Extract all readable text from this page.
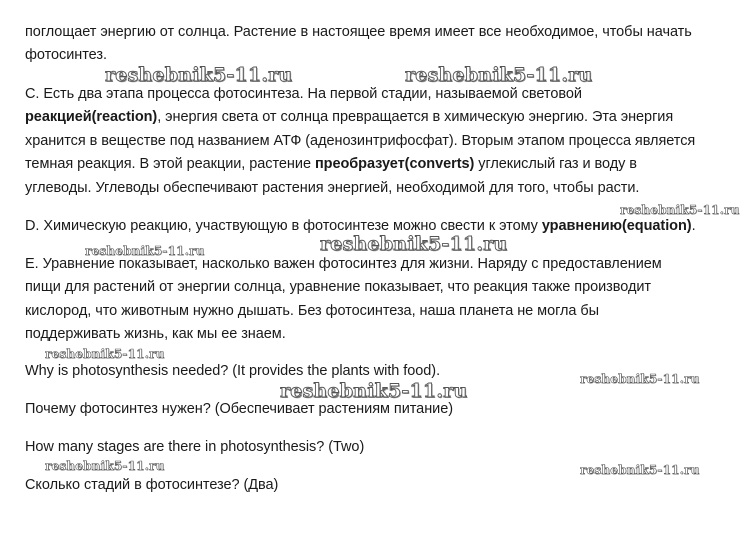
поглощает энергию от солнца. Растение в настоящее время имеет все необходимое, чтобы начать
фотосинтез.
C. Есть два этапа процесса фотосинтеза. На первой стадии, называемой световой
реакцией(reaction), энергия света от солнца превращается в химическую энергию. Эта энергия
хранится в веществе под названием АТФ (аденозинтрифосфат). Вторым этапом процесса является
темная реакция. В этой реакции, растение преобразует(converts) углекислый газ и воду в
углеводы. Углеводы обеспечивают растения энергией, необходимой для того, чтобы расти.
D. Химическую реакцию, участвующую в фотосинтезе можно свести к этому уравнению(equation).
E. Уравнение показывает, насколько важен фотосинтез для жизни. Наряду с предоставлением
пищи для растений от энергии солнца, уравнение показывает, что реакция также производит
кислород, что животным нужно дышать. Без фотосинтеза, наша планета не могла бы
поддерживать жизнь, как мы ее знаем.
Why is photosynthesis needed? (It provides the plants with food).
Почему фотосинтез нужен? (Обеспечивает растениям питание)
How many stages are there in photosynthesis? (Two)
Сколько стадий в фотосинтезе? (Два)
reshebnik5-11.ru	reshebnik5-11.ru
reshebnik5-11.ru
reshebnik5-11.ru
reshebnik5-11.ru
reshebnik5-11.ru
reshebnik5-11.ru
reshebnik5-11.ru
reshebnik5-11.ru	reshebnik5-11.ru
